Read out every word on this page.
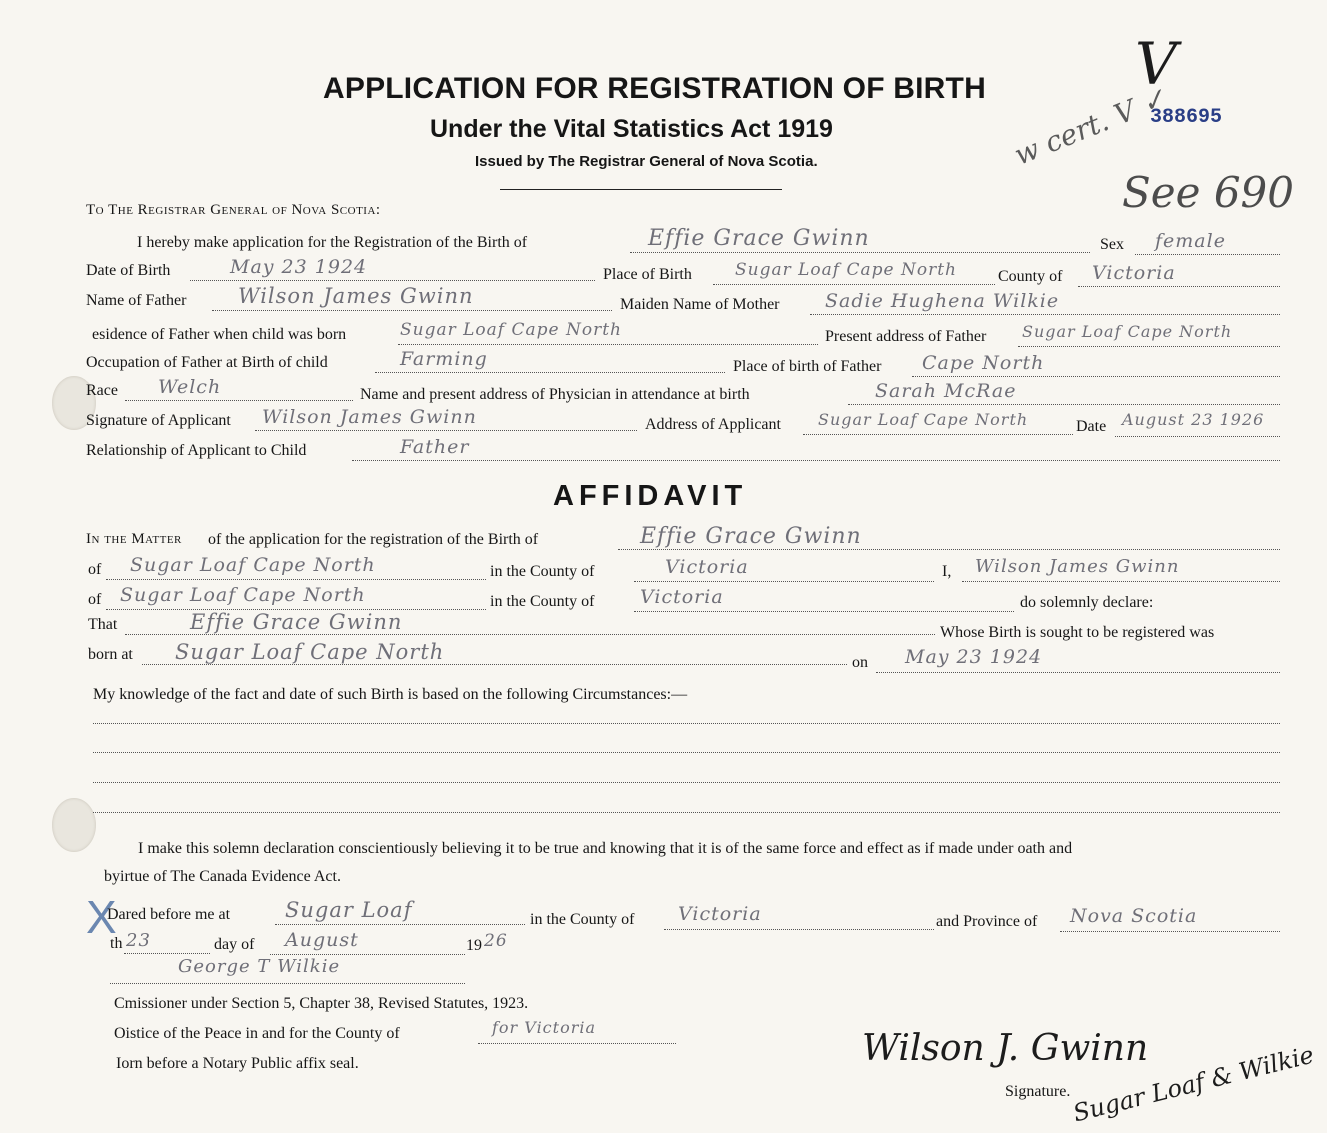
APPLICATION FOR REGISTRATION OF BIRTH
Under the Vital Statistics Act 1919
Issued by The Registrar General of Nova Scotia.
388695
See 690
w cert. V ✓
V
X
To The Registrar General of Nova Scotia:
I hereby make application for the Registration of the Birth of	Effie Grace Gwinn	Sex female
Date of Birth	May 23 1924	Place of Birth	Sugar Loaf Cape North	County of Victoria
Name of Father Wilson James Gwinn	Maiden Name of Mother Sadie Hughena Wilkie
esidence of Father when child was born	Sugar Loaf Cape North	Present address of Father Sugar Loaf Cape North
Occupation of Father at Birth of child	Farming	Place of birth of Father Cape North
Race Welch	Name and present address of Physician in attendance at birth	Sarah McRae
Signature of Applicant Wilson James Gwinn	Address of Applicant Sugar Loaf Cape North	Date August 23 1926
Relationship of Applicant to Child	Father
AFFIDAVIT
In the Matter of the application for the registration of the Birth of	Effie Grace Gwinn
of Sugar Loaf Cape North	in the County of	Victoria	I, Wilson James Gwinn
of Sugar Loaf Cape North	in the County of Victoria	do solemnly declare:
That	Effie Grace Gwinn	Whose Birth is sought to be registered was
born at Sugar Loaf Cape North	on May 23 1924
My knowledge of the fact and date of such Birth is based on the following Circumstances:—
I make this solemn declaration conscientiously believing it to be true and knowing that it is of the same force and effect as if made under oath and
byirtue of The Canada Evidence Act.
Dared before me at	Sugar Loaf	in the County of Victoria	and Province of Nova Scotia
th 23	day of August	19 26
George T Wilkie
Cmissioner under Section 5, Chapter 38, Revised Statutes, 1923.
Oistice of the Peace in and for the County of	for Victoria
Iorn before a Notary Public affix seal.	Wilson J. Gwinn
Signature. Sugar Loaf & Wilkie
